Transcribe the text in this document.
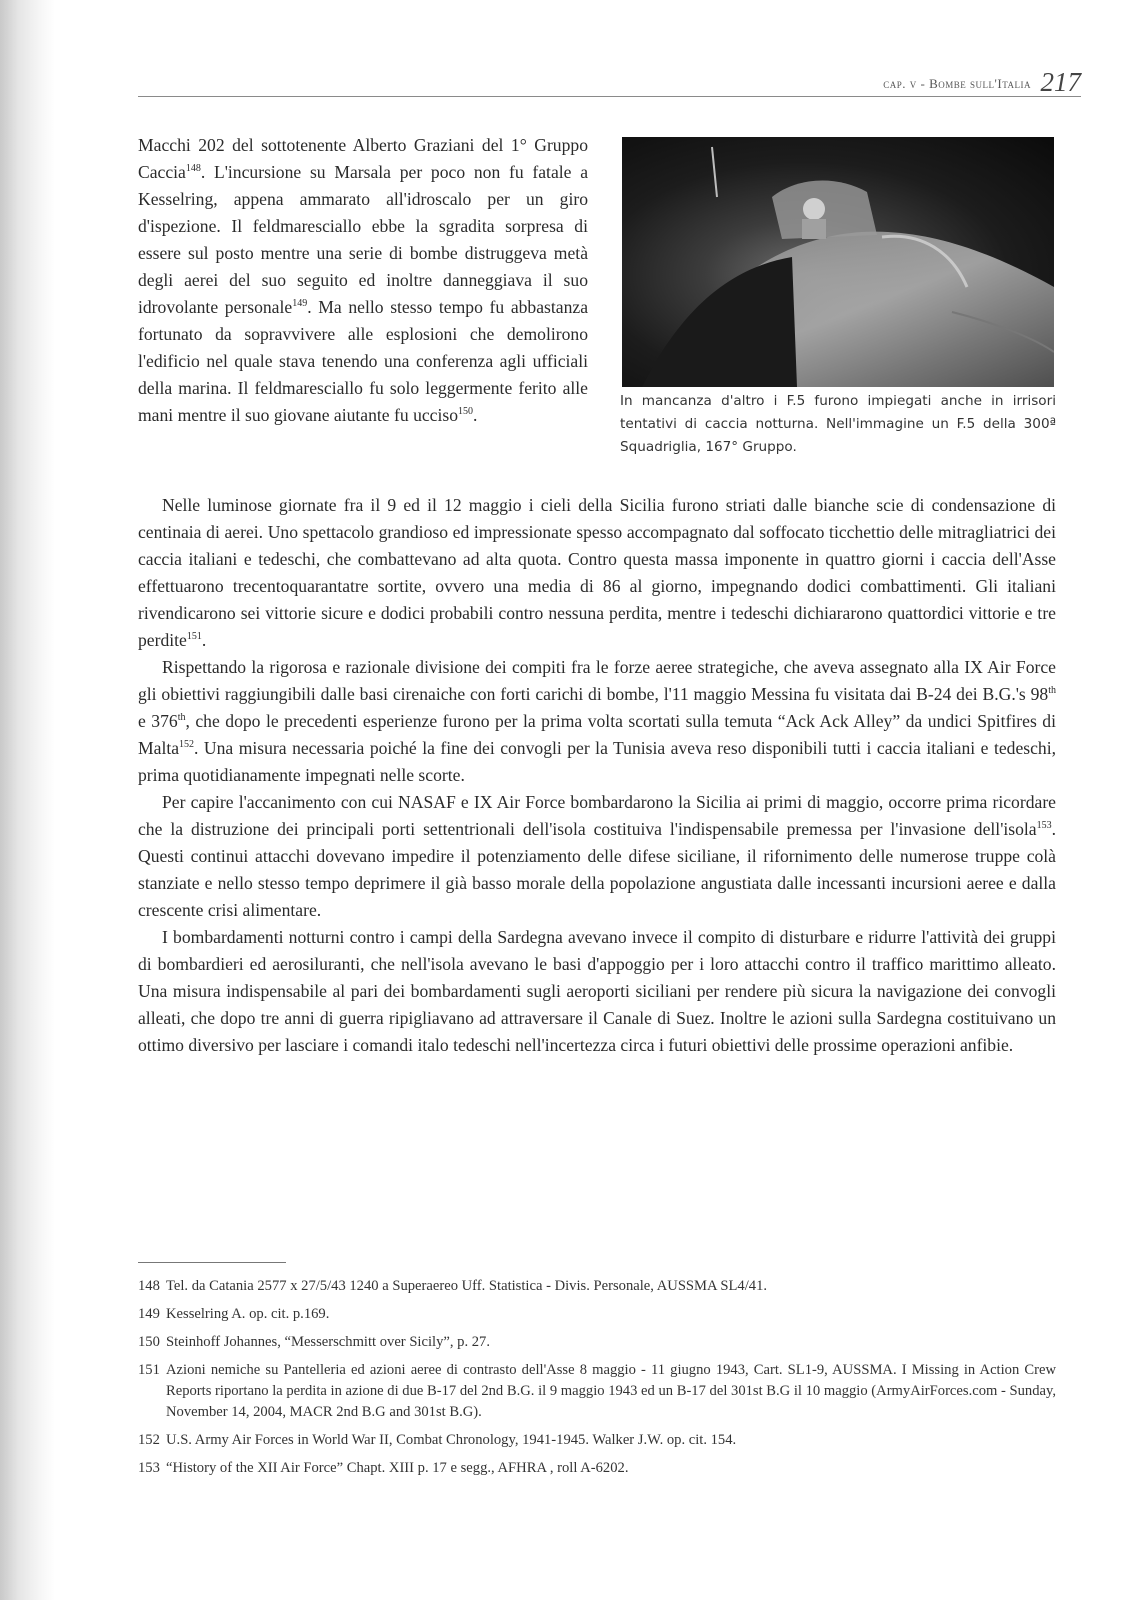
cap. v - Bombe sull'Italia 217

Macchi 202 del sottotenente Alberto Graziani del 1° Gruppo Caccia$^{148}$. L'incursione su Marsala per poco non fu fatale a Kesselring, appena ammarato all'idroscalo per un giro d'ispezione. Il feldmaresciallo ebbe la sgradita sorpresa di essere sul posto mentre una serie di bombe distruggeva metà degli aerei del suo seguito ed inoltre danneggiava il suo idrovolante personale$^{149}$. Ma nello stesso tempo fu abbastanza fortunato da sopravvivere alle esplosioni che demolirono l'edificio nel quale stava tenendo una conferenza agli ufficiali della marina. Il feldmaresciallo fu solo leggermente ferito alle mani mentre il suo giovane aiutante fu ucciso$^{150}$.

In mancanza d'altro i F.5 furono impiegati anche in irrisori tentativi di caccia notturna. Nell'immagine un F.5 della 300ª Squadriglia, 167° Gruppo.

Nelle luminose giornate fra il 9 ed il 12 maggio i cieli della Sicilia furono striati dalle bianche scie di condensazione di centinaia di aerei. Uno spettacolo grandioso ed impressionate spesso accompagnato dal soffocato ticchettio delle mitragliatrici dei caccia italiani e tedeschi, che combattevano ad alta quota. Contro questa massa imponente in quattro giorni i caccia dell'Asse effettuarono trecentoquarantatre sortite, ovvero una media di 86 al giorno, impegnando dodici combattimenti. Gli italiani rivendicarono sei vittorie sicure e dodici probabili contro nessuna perdita, mentre i tedeschi dichiararono quattordici vittorie e tre perdite$^{151}$.

Rispettando la rigorosa e razionale divisione dei compiti fra le forze aeree strategiche, che aveva assegnato alla IX Air Force gli obiettivi raggiungibili dalle basi cirenaiche con forti carichi di bombe, l'11 maggio Messina fu visitata dai B-24 dei B.G.'s 98th e 376th, che dopo le precedenti esperienze furono per la prima volta scortati sulla temuta “Ack Ack Alley” da undici Spitfires di Malta$^{152}$. Una misura necessaria poiché la fine dei convogli per la Tunisia aveva reso disponibili tutti i caccia italiani e tedeschi, prima quotidianamente impegnati nelle scorte.

Per capire l'accanimento con cui NASAF e IX Air Force bombardarono la Sicilia ai primi di maggio, occorre prima ricordare che la distruzione dei principali porti settentrionali dell'isola costituiva l'indispensabile premessa per l'invasione dell'isola$^{153}$. Questi continui attacchi dovevano impedire il potenziamento delle difese siciliane, il rifornimento delle numerose truppe colà stanziate e nello stesso tempo deprimere il già basso morale della popolazione angustiata dalle incessanti incursioni aeree e dalla crescente crisi alimentare.

I bombardamenti notturni contro i campi della Sardegna avevano invece il compito di disturbare e ridurre l'attività dei gruppi di bombardieri ed aerosiluranti, che nell'isola avevano le basi d'appoggio per i loro attacchi contro il traffico marittimo alleato. Una misura indispensabile al pari dei bombardamenti sugli aeroporti siciliani per rendere più sicura la navigazione dei convogli alleati, che dopo tre anni di guerra ripigliavano ad attraversare il Canale di Suez. Inoltre le azioni sulla Sardegna costituivano un ottimo diversivo per lasciare i comandi italo tedeschi nell'incertezza circa i futuri obiettivi delle prossime operazioni anfibie.

148 Tel. da Catania 2577 x 27/5/43 1240 a Superaereo Uff. Statistica - Divis. Personale, AUSSMA SL4/41.
149 Kesselring A. op. cit. p.169.
150 Steinhoff Johannes, “Messerschmitt over Sicily”, p. 27.
151 Azioni nemiche su Pantelleria ed azioni aeree di contrasto dell'Asse 8 maggio - 11 giugno 1943, Cart. SL1-9, AUSSMA. I Missing in Action Crew Reports riportano la perdita in azione di due B-17 del 2nd B.G. il 9 maggio 1943 ed un B-17 del 301st B.G il 10 maggio (ArmyAirForces.com - Sunday, November 14, 2004, MACR 2nd B.G and 301st B.G).
152 U.S. Army Air Forces in World War II, Combat Chronology, 1941-1945. Walker J.W. op. cit. 154.
153 “History of the XII Air Force” Chapt. XIII p. 17 e segg., AFHRA , roll A-6202.
